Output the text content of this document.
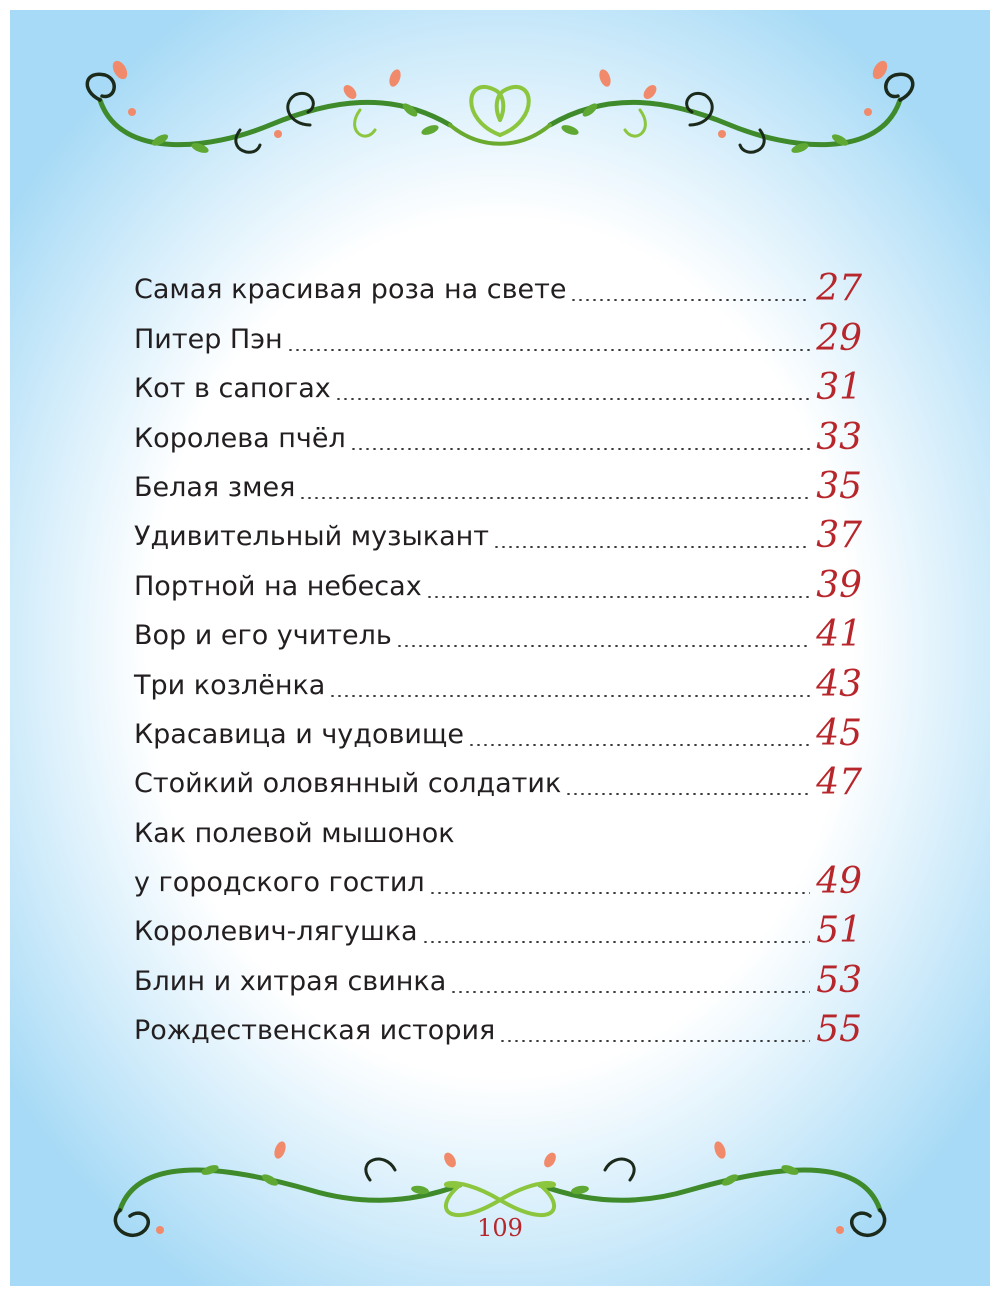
Самая красивая роза на свете	27
Питер Пэн	29
Кот в сапогах	31
Королева пчёл	33
Белая змея	35
Удивительный музыкант	37
Портной на небесах	39
Вор и его учитель	41
Три козлёнка	43
Красавица и чудовище	45
Стойкий оловянный солдатик	47
Как полевой мышонок
у городского гостил	49
Королевич-лягушка	51
Блин и хитрая свинка	53
Рождественская история	55
109
